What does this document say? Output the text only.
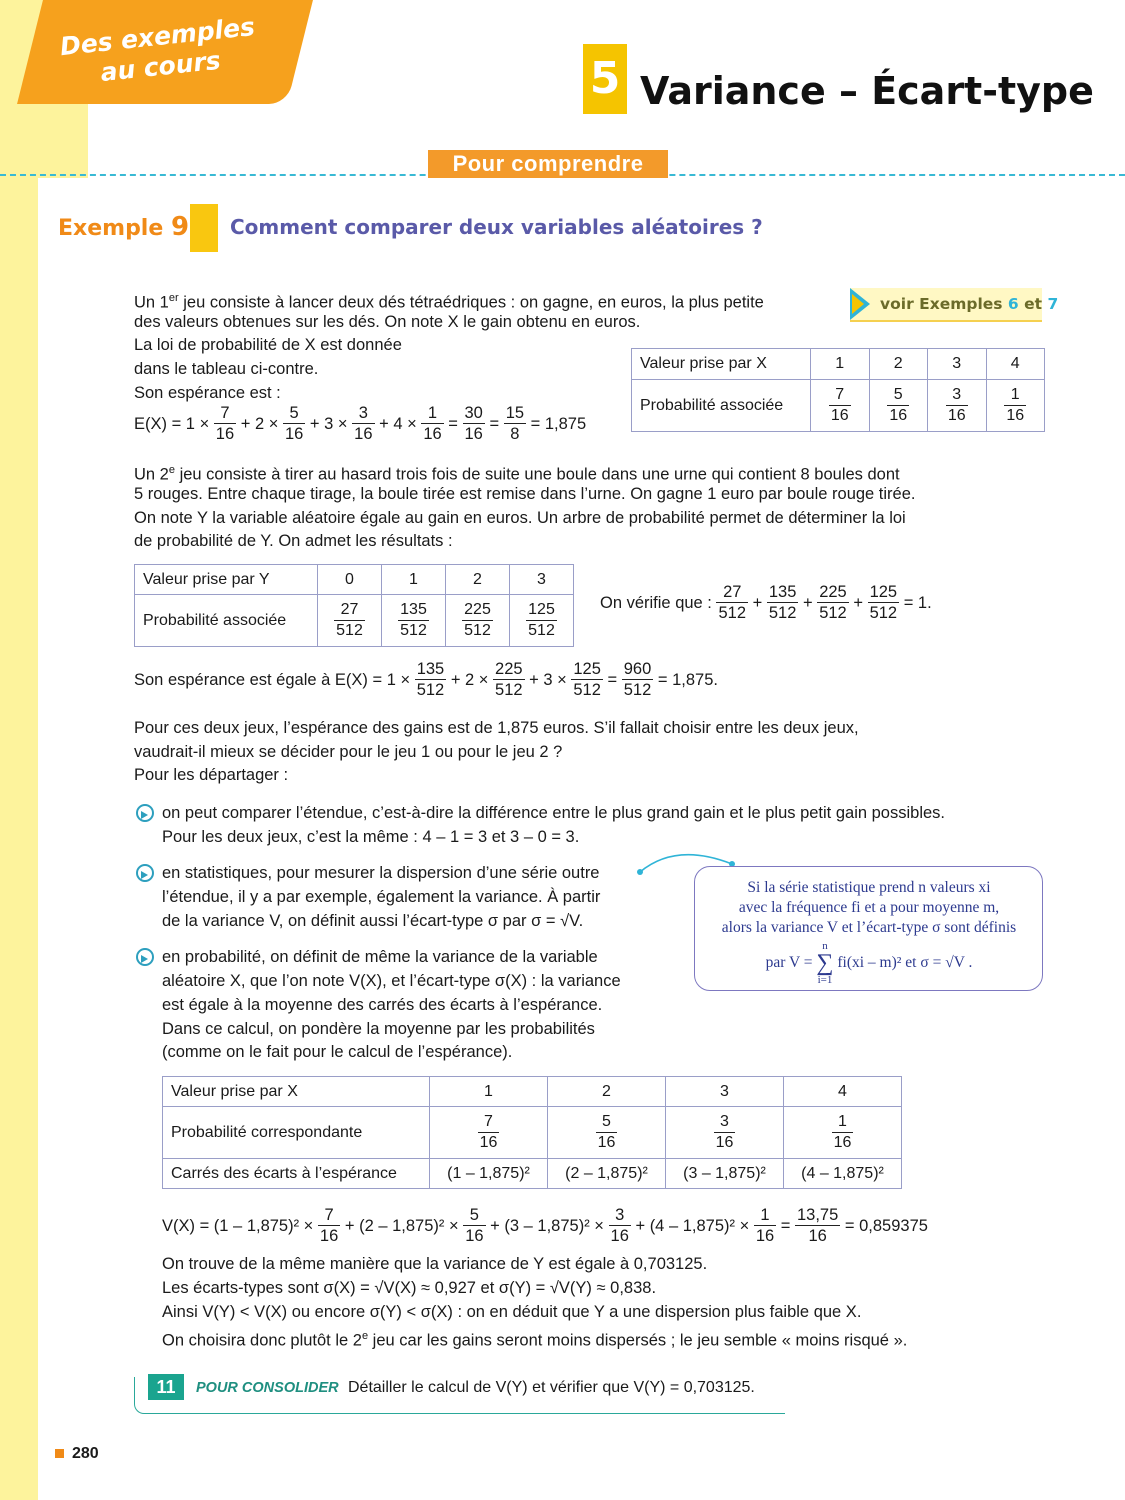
Des exemples au cours	5 Variance – Écart-type
Pour comprendre
Exemple 9 Comment comparer deux variables aléatoires ?
voir Exemples 6 et 7
Un 1er jeu consiste à lancer deux dés tétraédriques : on gagne, en euros, la plus petite
des valeurs obtenues sur les dés. On note X le gain obtenu en euros.
La loi de probabilité de X est donnée
dans le tableau ci-contre.
Son espérance est :
Valeur prise par X	1	2	3	4
Probabilité associée	$\frac{7}{16}$	$\frac{5}{16}$	$\frac{3}{16}$	$\frac{1}{16}$
$E(X) = 1 \times \frac{7}{16} + 2 \times \frac{5}{16} + 3 \times \frac{3}{16} + 4 \times \frac{1}{16} = \frac{30}{16} = \frac{15}{8} = 1,875$
Un 2e jeu consiste à tirer au hasard trois fois de suite une boule dans une urne qui contient 8 boules dont
5 rouges. Entre chaque tirage, la boule tirée est remise dans l’urne. On gagne 1 euro par boule rouge tirée.
On note Y la variable aléatoire égale au gain en euros. Un arbre de probabilité permet de déterminer la loi
de probabilité de Y. On admet les résultats :
Valeur prise par Y	0	1	2	3
Probabilité associée	$\frac{27}{512}$	$\frac{135}{512}$	$\frac{225}{512}$	$\frac{125}{512}$	On vérifie que : $\frac{27}{512} + \frac{135}{512} + \frac{225}{512} + \frac{125}{512} = 1$.
Son espérance est égale à $E(X) = 1 \times \frac{135}{512} + 2 \times \frac{225}{512} + 3 \times \frac{125}{512} = \frac{960}{512} = 1,875$.
Pour ces deux jeux, l’espérance des gains est de 1,875 euros. S’il fallait choisir entre les deux jeux,
vaudrait-il mieux se décider pour le jeu 1 ou pour le jeu 2 ?
Pour les départager :
on peut comparer l’étendue, c’est-à-dire la différence entre le plus grand gain et le plus petit gain possibles.
Pour les deux jeux, c’est la même : 4 – 1 = 3 et 3 – 0 = 3.
en statistiques, pour mesurer la dispersion d’une série outre
l’étendue, il y a par exemple, également la variance. À partir
de la variance V, on définit aussi l’écart-type σ par σ = √V.
en probabilité, on définit de même la variance de la variable
aléatoire X, que l’on note V(X), et l’écart-type σ(X) : la variance
est égale à la moyenne des carrés des écarts à l’espérance.
Dans ce calcul, on pondère la moyenne par les probabilités
(comme on le fait pour le calcul de l’espérance).
Si la série statistique prend n valeurs xi
avec la fréquence fi et a pour moyenne m,
alors la variance V et l’écart-type σ sont définis
par V = n
∑
i=1 fi(xi – m)² et σ = √V .
Valeur prise par X	1	2	3	4
Probabilité correspondante	$\frac{7}{16}$	$\frac{5}{16}$	$\frac{3}{16}$	$\frac{1}{16}$

Carrés des écarts à l’espérance	(1 – 1,875)²	(2 – 1,875)²	(3 – 1,875)²	(4 – 1,875)²
$V(X) = (1 - 1,875)^2 \times \frac{7}{16} + (2 - 1,875)^2 \times \frac{5}{16} + (3 - 1,875)^2 \times \frac{3}{16} + (4 - 1,875)^2 \times \frac{1}{16} = \frac{13,75}{16} = 0,859375$
On trouve de la même manière que la variance de Y est égale à 0,703125.
Les écarts-types sont σ(X) = √V(X) ≈ 0,927 et σ(Y) = √V(Y) ≈ 0,838.
Ainsi V(Y) < V(X) ou encore σ(Y) < σ(X) : on en déduit que Y a une dispersion plus faible que X.
On choisira donc plutôt le 2e jeu car les gains seront moins dispersés ; le jeu semble « moins risqué ».
11	POUR CONSOLIDER Détailler le calcul de V(Y) et vérifier que V(Y) = 0,703125.
280
